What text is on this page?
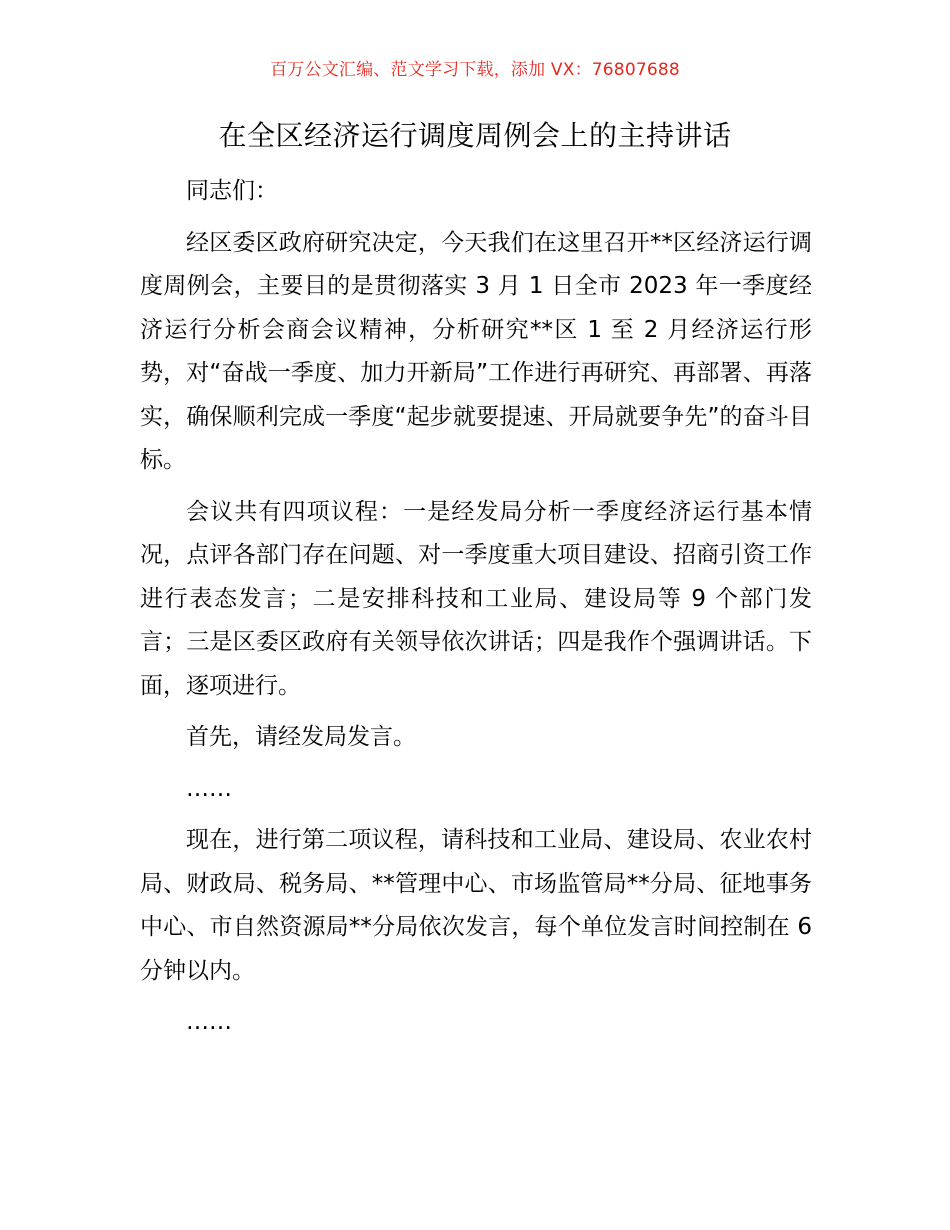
百万公文汇编、范文学习下载，添加 VX：76807688
在全区经济运行调度周例会上的主持讲话

同志们：

经区委区政府研究决定，今天我们在这里召开**区经济运行调度周例会，主要目的是贯彻落实 3 月 1 日全市 2023 年一季度经济运行分析会商会议精神，分析研究**区 1 至 2 月经济运行形势，对“奋战一季度、加力开新局”工作进行再研究、再部署、再落实，确保顺利完成一季度“起步就要提速、开局就要争先”的奋斗目标。

会议共有四项议程：一是经发局分析一季度经济运行基本情况，点评各部门存在问题、对一季度重大项目建设、招商引资工作进行表态发言；二是安排科技和工业局、建设局等 9 个部门发言；三是区委区政府有关领导依次讲话；四是我作个强调讲话。下面，逐项进行。

首先，请经发局发言。

……

现在，进行第二项议程，请科技和工业局、建设局、农业农村局、财政局、税务局、**管理中心、市场监管局**分局、征地事务中心、市自然资源局**分局依次发言，每个单位发言时间控制在 6 分钟以内。

……
